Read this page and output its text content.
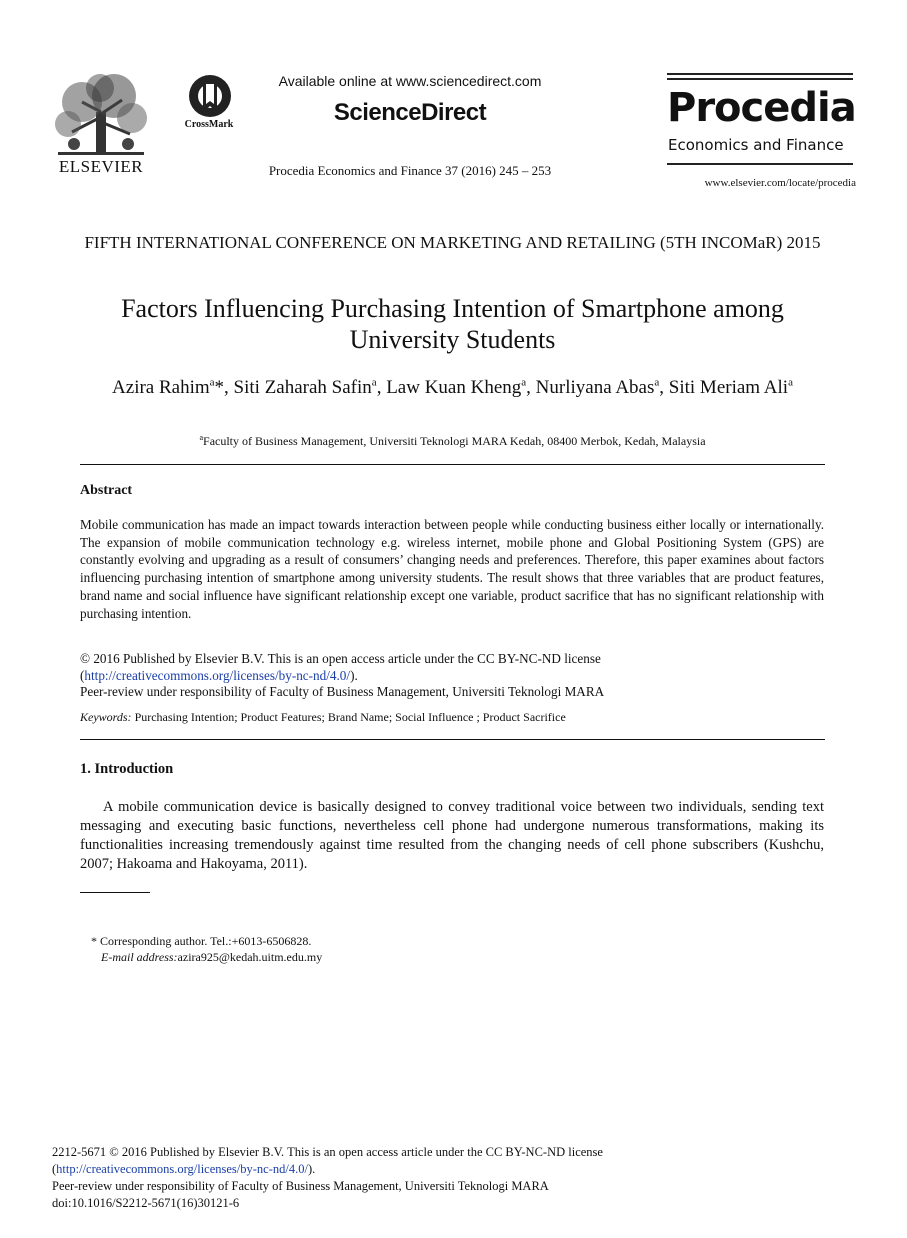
ELSEVIER
CrossMark
Available online at www.sciencedirect.com
ScienceDirect
Procedia Economics and Finance 37 (2016) 245 – 253
Procedia
Economics and Finance
www.elsevier.com/locate/procedia
FIFTH INTERNATIONAL CONFERENCE ON MARKETING AND RETAILING (5TH INCOMaR) 2015
Factors Influencing Purchasing Intention of Smartphone among University Students
Azira Rahim$^a$*, Siti Zaharah Safin$^a$, Law Kuan Kheng$^a$, Nurliyana Abas$^a$, Siti Meriam Ali$^a$
$^a$Faculty of Business Management, Universiti Teknologi MARA Kedah, 08400 Merbok, Kedah, Malaysia
Abstract
Mobile communication has made an impact towards interaction between people while conducting business either locally or internationally. The expansion of mobile communication technology e.g. wireless internet, mobile phone and Global Positioning System (GPS) are constantly evolving and upgrading as a result of consumers’ changing needs and preferences. Therefore, this paper examines about factors influencing purchasing intention of smartphone among university students. The result shows that three variables that are product features, brand name and social influence have significant relationship except one variable, product sacrifice that has no significant relationship with purchasing intention.
© 2016 Published by Elsevier B.V. This is an open access article under the CC BY-NC-ND license
(http://creativecommons.org/licenses/by-nc-nd/4.0/).
Peer-review under responsibility of Faculty of Business Management, Universiti Teknologi MARA
Keywords: Purchasing Intention; Product Features; Brand Name; Social Influence ; Product Sacrifice
1. Introduction
A mobile communication device is basically designed to convey traditional voice between two individuals, sending text messaging and executing basic functions, nevertheless cell phone had undergone numerous transformations, making its functionalities increasing tremendously against time resulted from the changing needs of cell phone subscribers (Kushchu, 2007; Hakoama and Hakoyama, 2011).
* Corresponding author. Tel.:+6013-6506828.
E-mail address:azira925@kedah.uitm.edu.my
2212-5671 © 2016 Published by Elsevier B.V. This is an open access article under the CC BY-NC-ND license
(http://creativecommons.org/licenses/by-nc-nd/4.0/).
Peer-review under responsibility of Faculty of Business Management, Universiti Teknologi MARA
doi:10.1016/S2212-5671(16)30121-6
